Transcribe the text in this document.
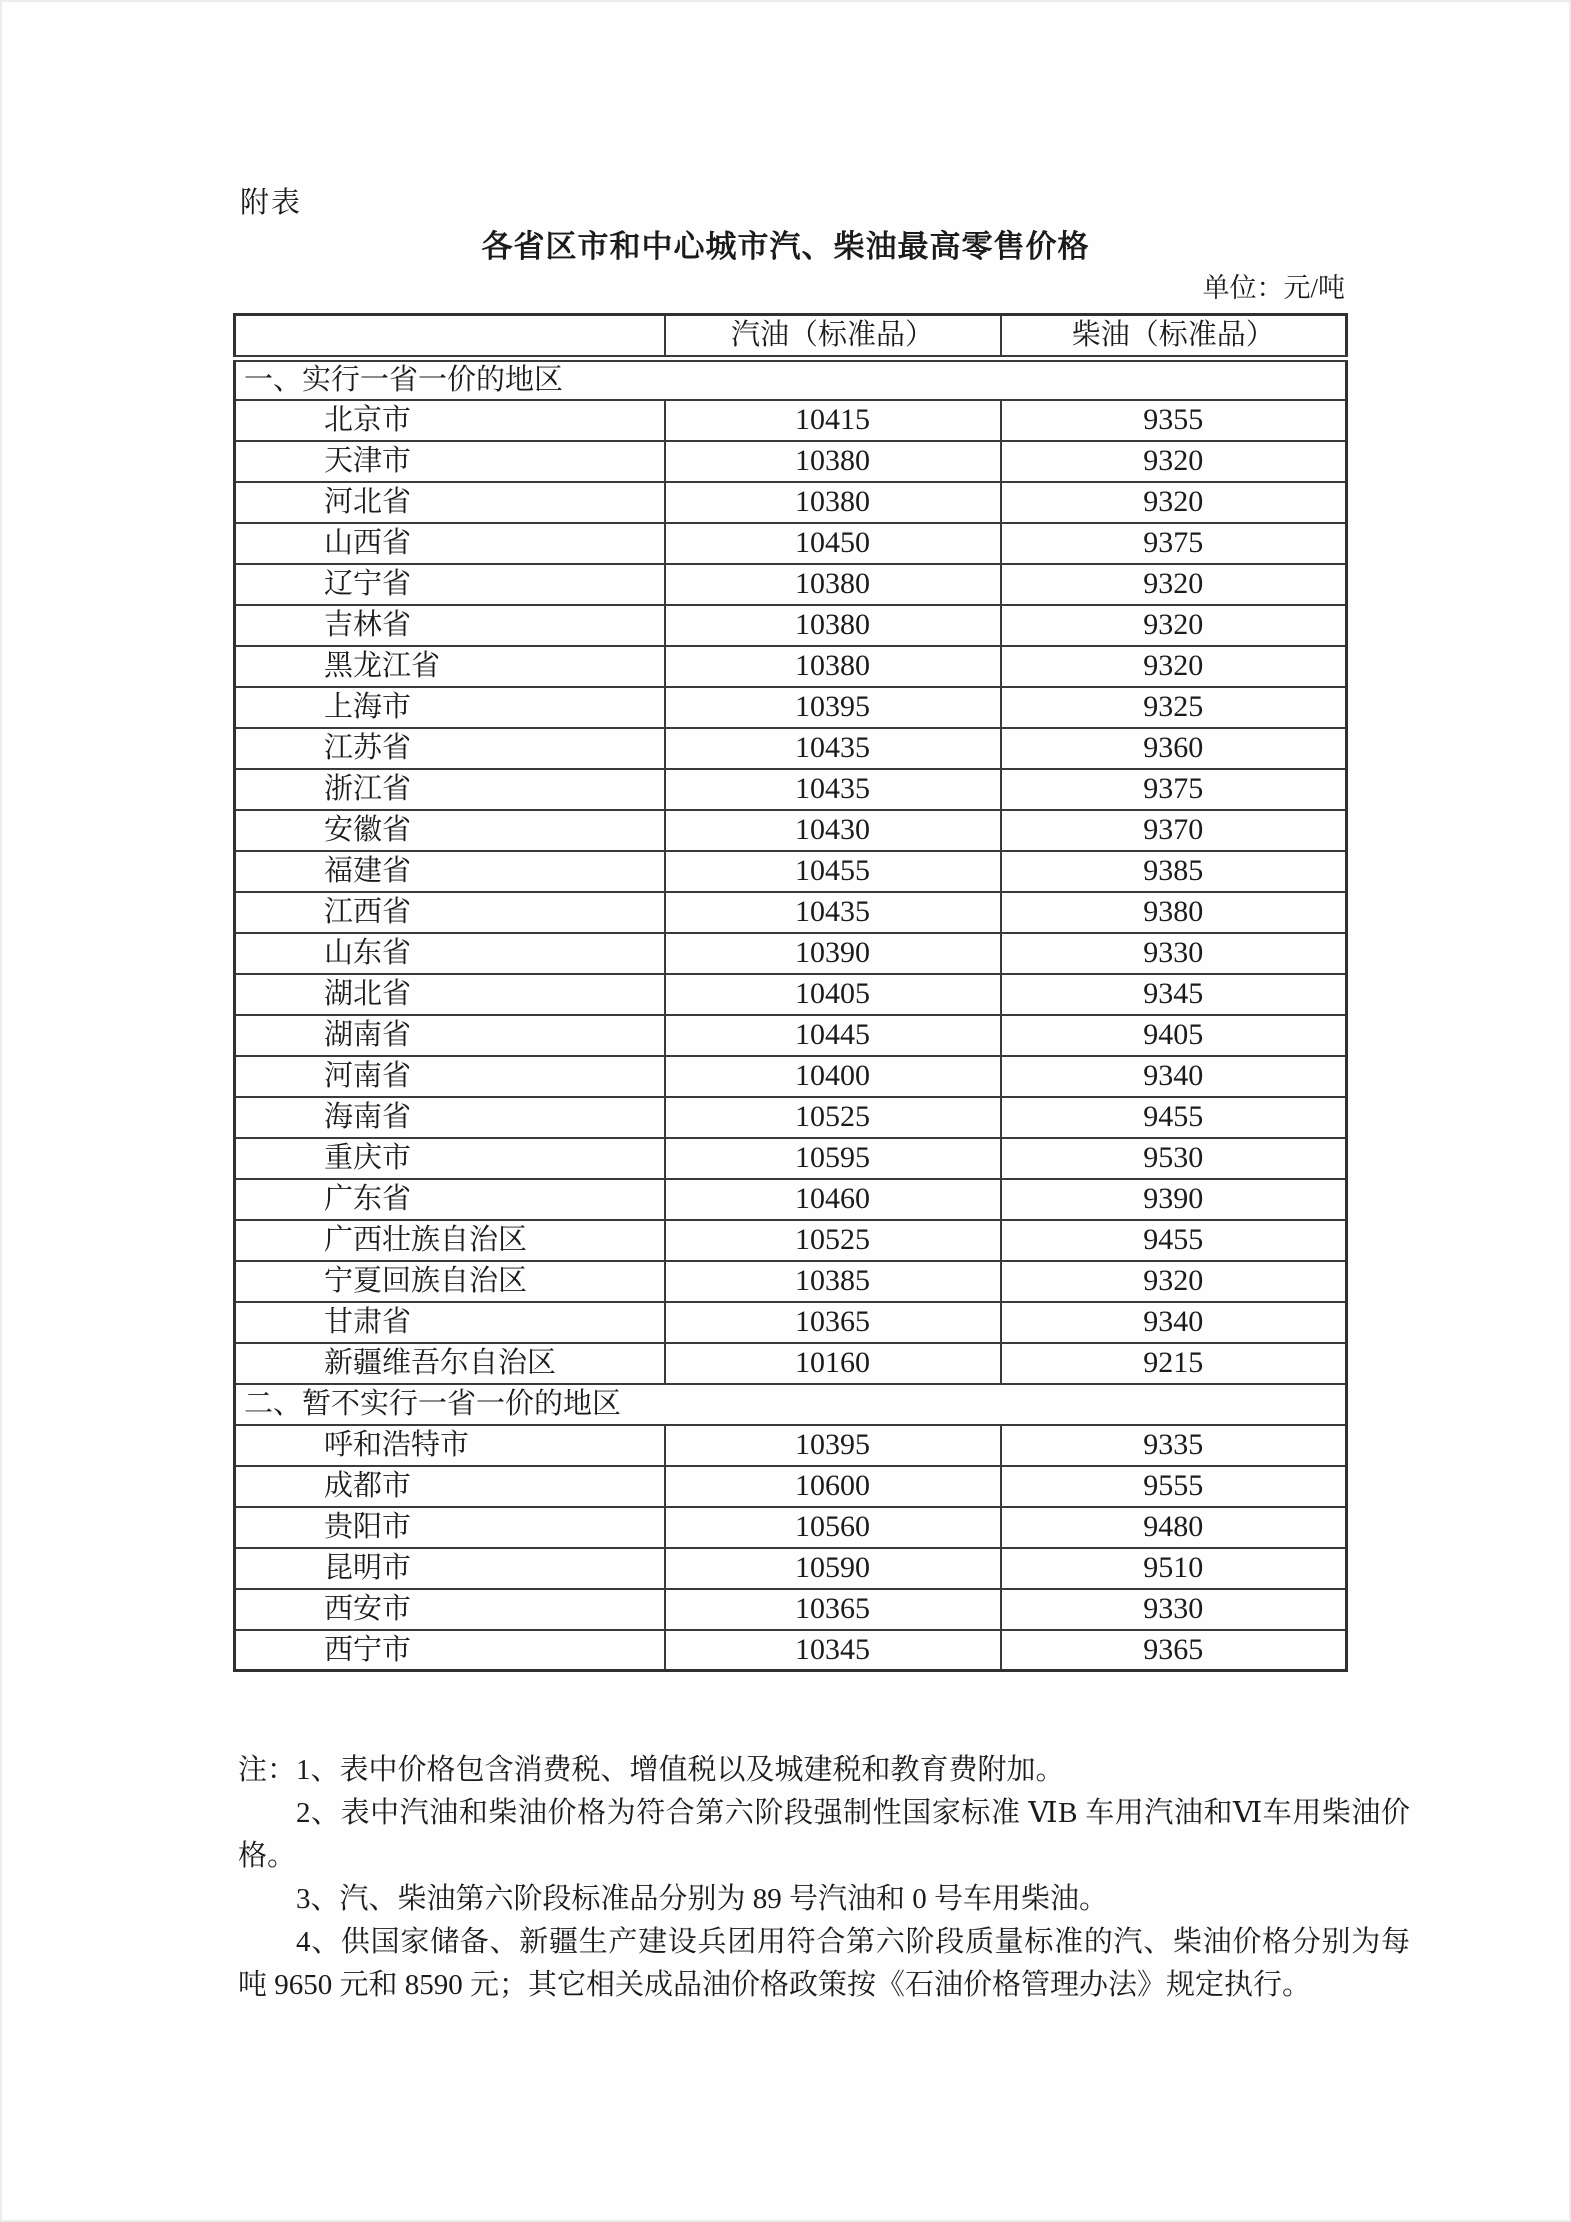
附表
各省区市和中心城市汽、柴油最高零售价格
单位：元/吨
	汽油（标准品）	柴油（标准品）
一、实行一省一价的地区		
北京市	10415	9355
天津市	10380	9320
河北省	10380	9320
山西省	10450	9375
辽宁省	10380	9320
吉林省	10380	9320
黑龙江省	10380	9320
上海市	10395	9325
江苏省	10435	9360
浙江省	10435	9375
安徽省	10430	9370
福建省	10455	9385
江西省	10435	9380
山东省	10390	9330
湖北省	10405	9345
湖南省	10445	9405
河南省	10400	9340
海南省	10525	9455
重庆市	10595	9530
广东省	10460	9390
广西壮族自治区	10525	9455
宁夏回族自治区	10385	9320
甘肃省	10365	9340
新疆维吾尔自治区	10160	9215
二、暂不实行一省一价的地区		
呼和浩特市	10395	9335
成都市	10600	9555
贵阳市	10560	9480
昆明市	10590	9510
西安市	10365	9330
西宁市	10345	9365

注：1、表中价格包含消费税、增值税以及城建税和教育费附加。

2、表中汽油和柴油价格为符合第六阶段强制性国家标准 ⅥB 车用汽油和Ⅵ车用柴油价格。

3、汽、柴油第六阶段标准品分别为 89 号汽油和 0 号车用柴油。

4、供国家储备、新疆生产建设兵团用符合第六阶段质量标准的汽、柴油价格分别为每吨 9650 元和 8590 元；其它相关成品油价格政策按《石油价格管理办法》规定执行。
